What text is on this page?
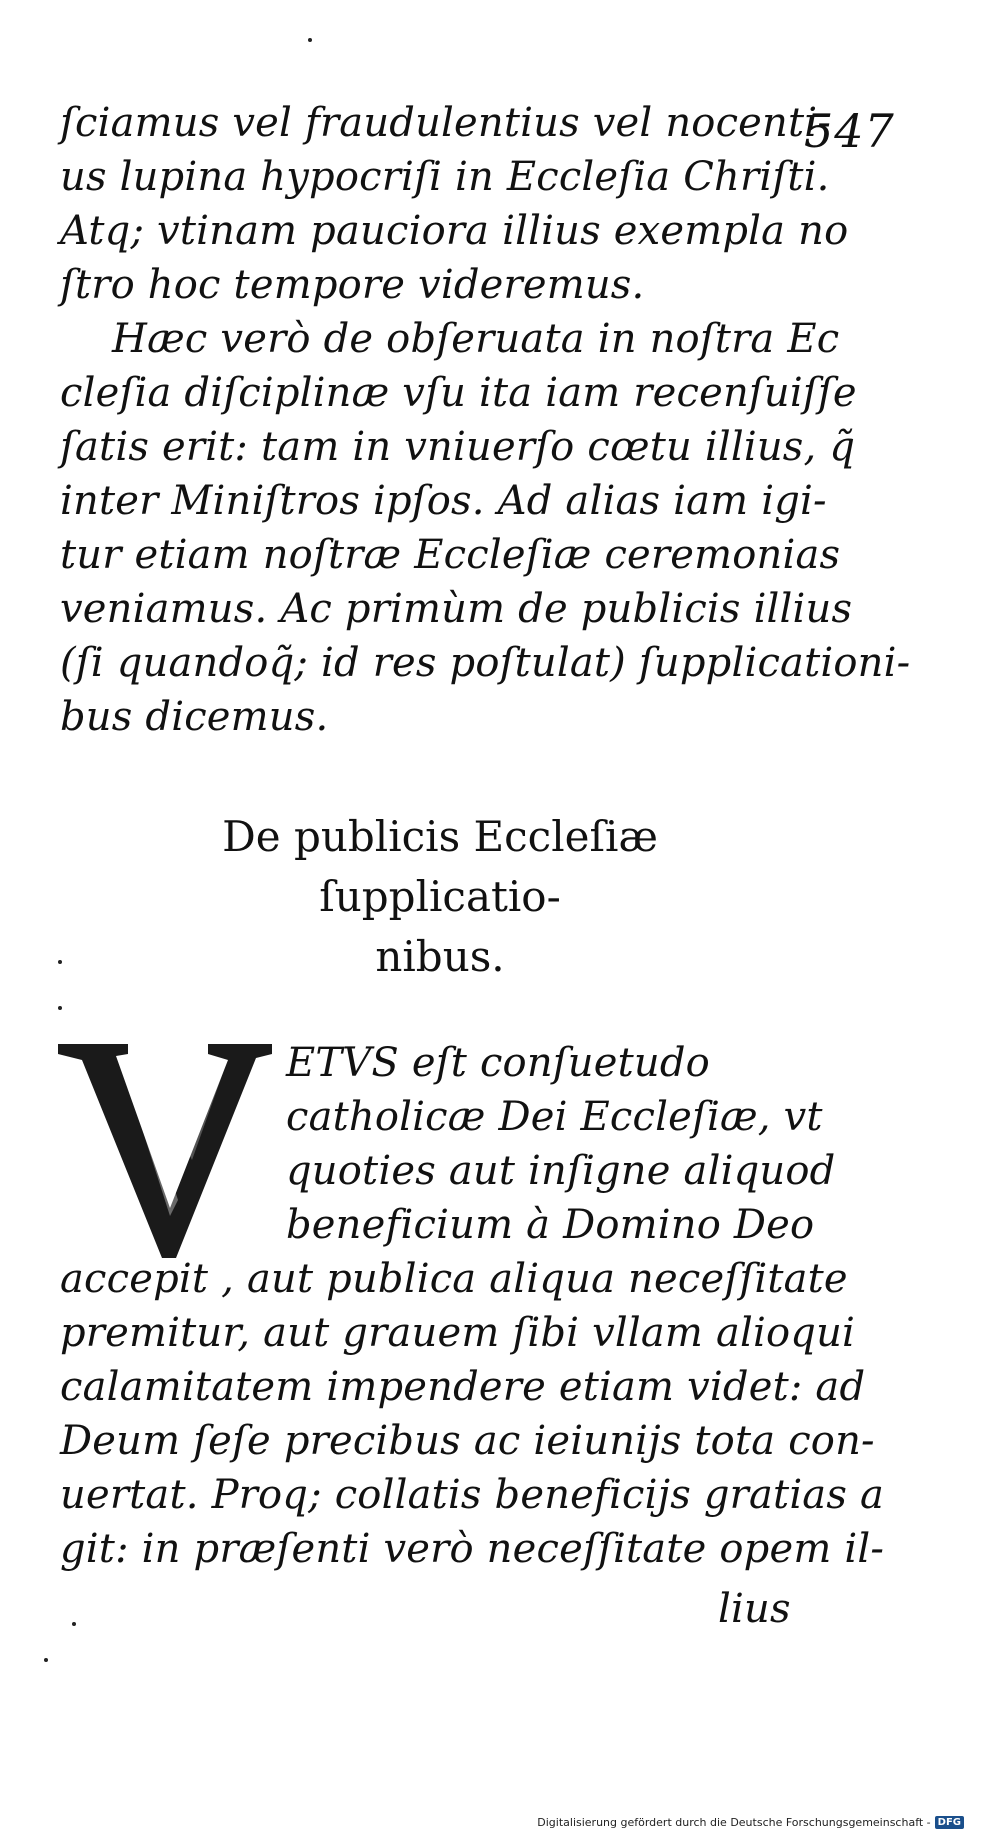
547
ſciamus vel fraudulentius vel nocenti-
us lupina hypocriſi in Eccleſia Chriſti.
Atq; vtinam pauciora illius exempla no
ſtro hoc tempore videremus.
Hæc verò de obſeruata in noſtra Ec
cleſia diſciplinæ vſu ita iam recenſuiſſe
ſatis erit: tam in vniuerſo cœtu illius, q̃
inter Miniſtros ipſos. Ad alias iam igi-
tur etiam noſtræ Eccleſiæ ceremonias
veniamus. Ac primùm de publicis illius
(ſi quandoq̃; id res poſtulat) ſupplicationi-
bus dicemus.
De publicis Eccleſiæ
ſupplicatio-
nibus.
ETVS eſt conſuetudo
catholicæ Dei Eccleſiæ, vt
quoties aut inſigne aliquod
beneficium à Domino Deo
accepit , aut publica aliqua neceſſitate
premitur, aut grauem ſibi vllam alioqui
calamitatem impendere etiam videt: ad
Deum ſeſe precibus ac ieiunijs tota con-
uertat. Proq; collatis beneficijs gratias a
git: in præſenti verò neceſſitate opem il-
lius
Digitalisierung gefördert durch die Deutsche Forschungsgemeinschaft - DFG
